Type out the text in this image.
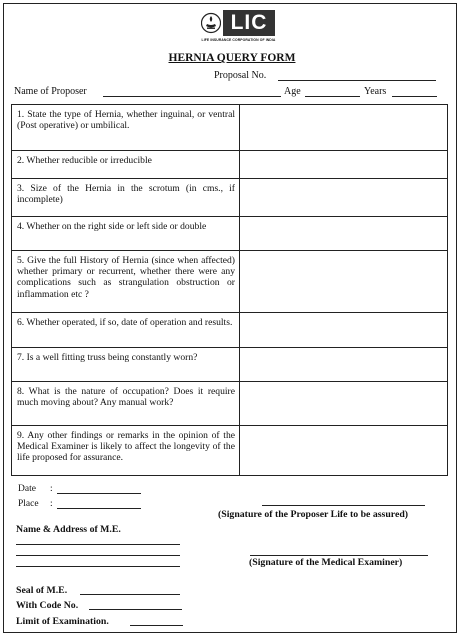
LIC
LIFE INSURANCE CORPORATION OF INDIA
HERNIA QUERY FORM
Proposal No.
Name of Proposer	Age	Years
1. State the type of Hernia, whether inguinal, or ventral (Post operative) or umbilical.
2. Whether reducible or irreducible
3. Size of the Hernia in the scrotum (in cms., if incomplete)
4. Whether on the right side or left side or double
5. Give the full History of Hernia (since when affected) whether primary or recurrent, whether there were any complications such as strangulation obstruction or inflammation etc ?
6. Whether operated, if so, date of operation and results.
7. Is a well fitting truss being constantly worn?
8. What is the nature of occupation? Does it require much moving about? Any manual work?
9. Any other findings or remarks in the opinion of the Medical Examiner is likely to affect the longevity of the life proposed for assurance.
Date :
Place :
(Signature of the Proposer Life to be assured)
Name & Address of M.E.
(Signature of the Medical Examiner)
Seal of M.E.
With Code No.
Limit of Examination.
